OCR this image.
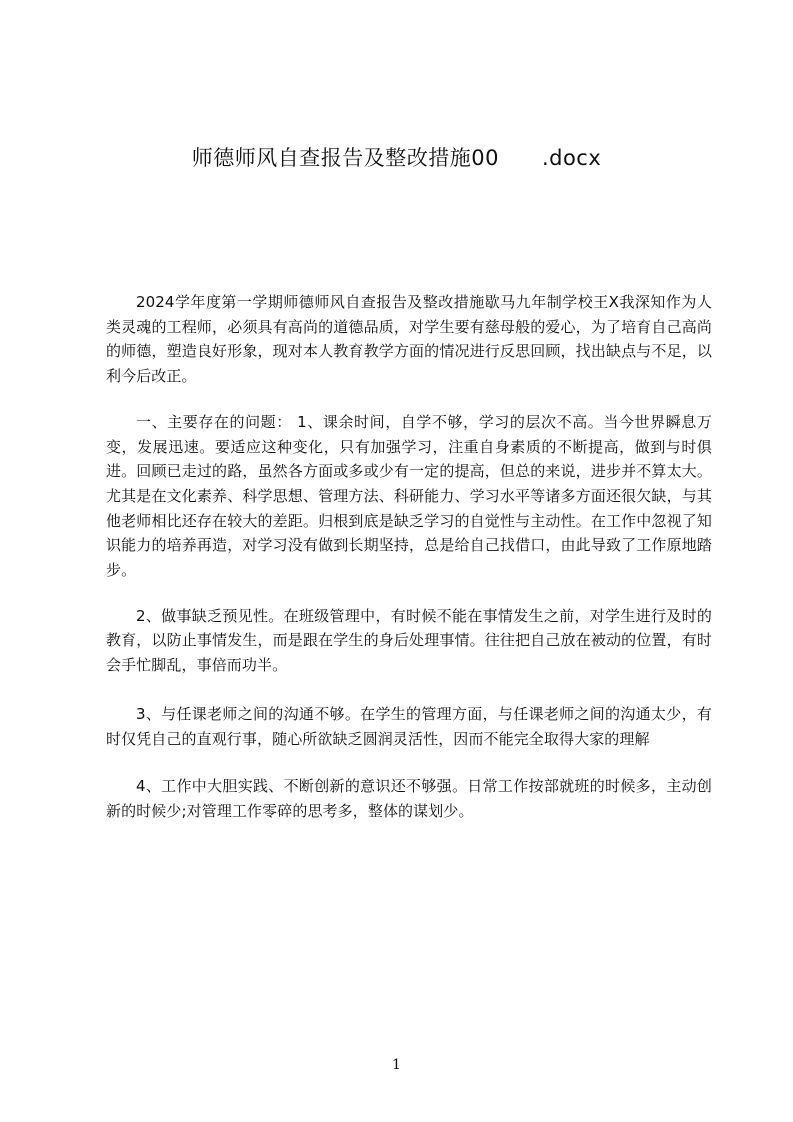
师德师风自查报告及整改措施00　　.docx

2024学年度第一学期师德师风自查报告及整改措施歇马九年制学校王X我深知作为人类灵魂的工程师，必须具有高尚的道德品质，对学生要有慈母般的爱心，为了培育自己高尚的师德，塑造良好形象，现对本人教育教学方面的情况进行反思回顾，找出缺点与不足，以利今后改正。

一、主要存在的问题： 1、课余时间，自学不够，学习的层次不高。当今世界瞬息万变，发展迅速。要适应这种变化，只有加强学习，注重自身素质的不断提高，做到与时俱进。回顾已走过的路，虽然各方面或多或少有一定的提高，但总的来说，进步并不算太大。尤其是在文化素养、科学思想、管理方法、科研能力、学习水平等诸多方面还很欠缺，与其他老师相比还存在较大的差距。归根到底是缺乏学习的自觉性与主动性。在工作中忽视了知识能力的培养再造，对学习没有做到长期坚持，总是给自己找借口，由此导致了工作原地踏步。

2、做事缺乏预见性。在班级管理中，有时候不能在事情发生之前，对学生进行及时的教育，以防止事情发生，而是跟在学生的身后处理事情。往往把自己放在被动的位置，有时会手忙脚乱，事倍而功半。

3、与任课老师之间的沟通不够。在学生的管理方面，与任课老师之间的沟通太少，有时仅凭自己的直观行事，随心所欲缺乏圆润灵活性，因而不能完全取得大家的理解

4、工作中大胆实践、不断创新的意识还不够强。日常工作按部就班的时候多，主动创新的时候少;对管理工作零碎的思考多，整体的谋划少。

1
